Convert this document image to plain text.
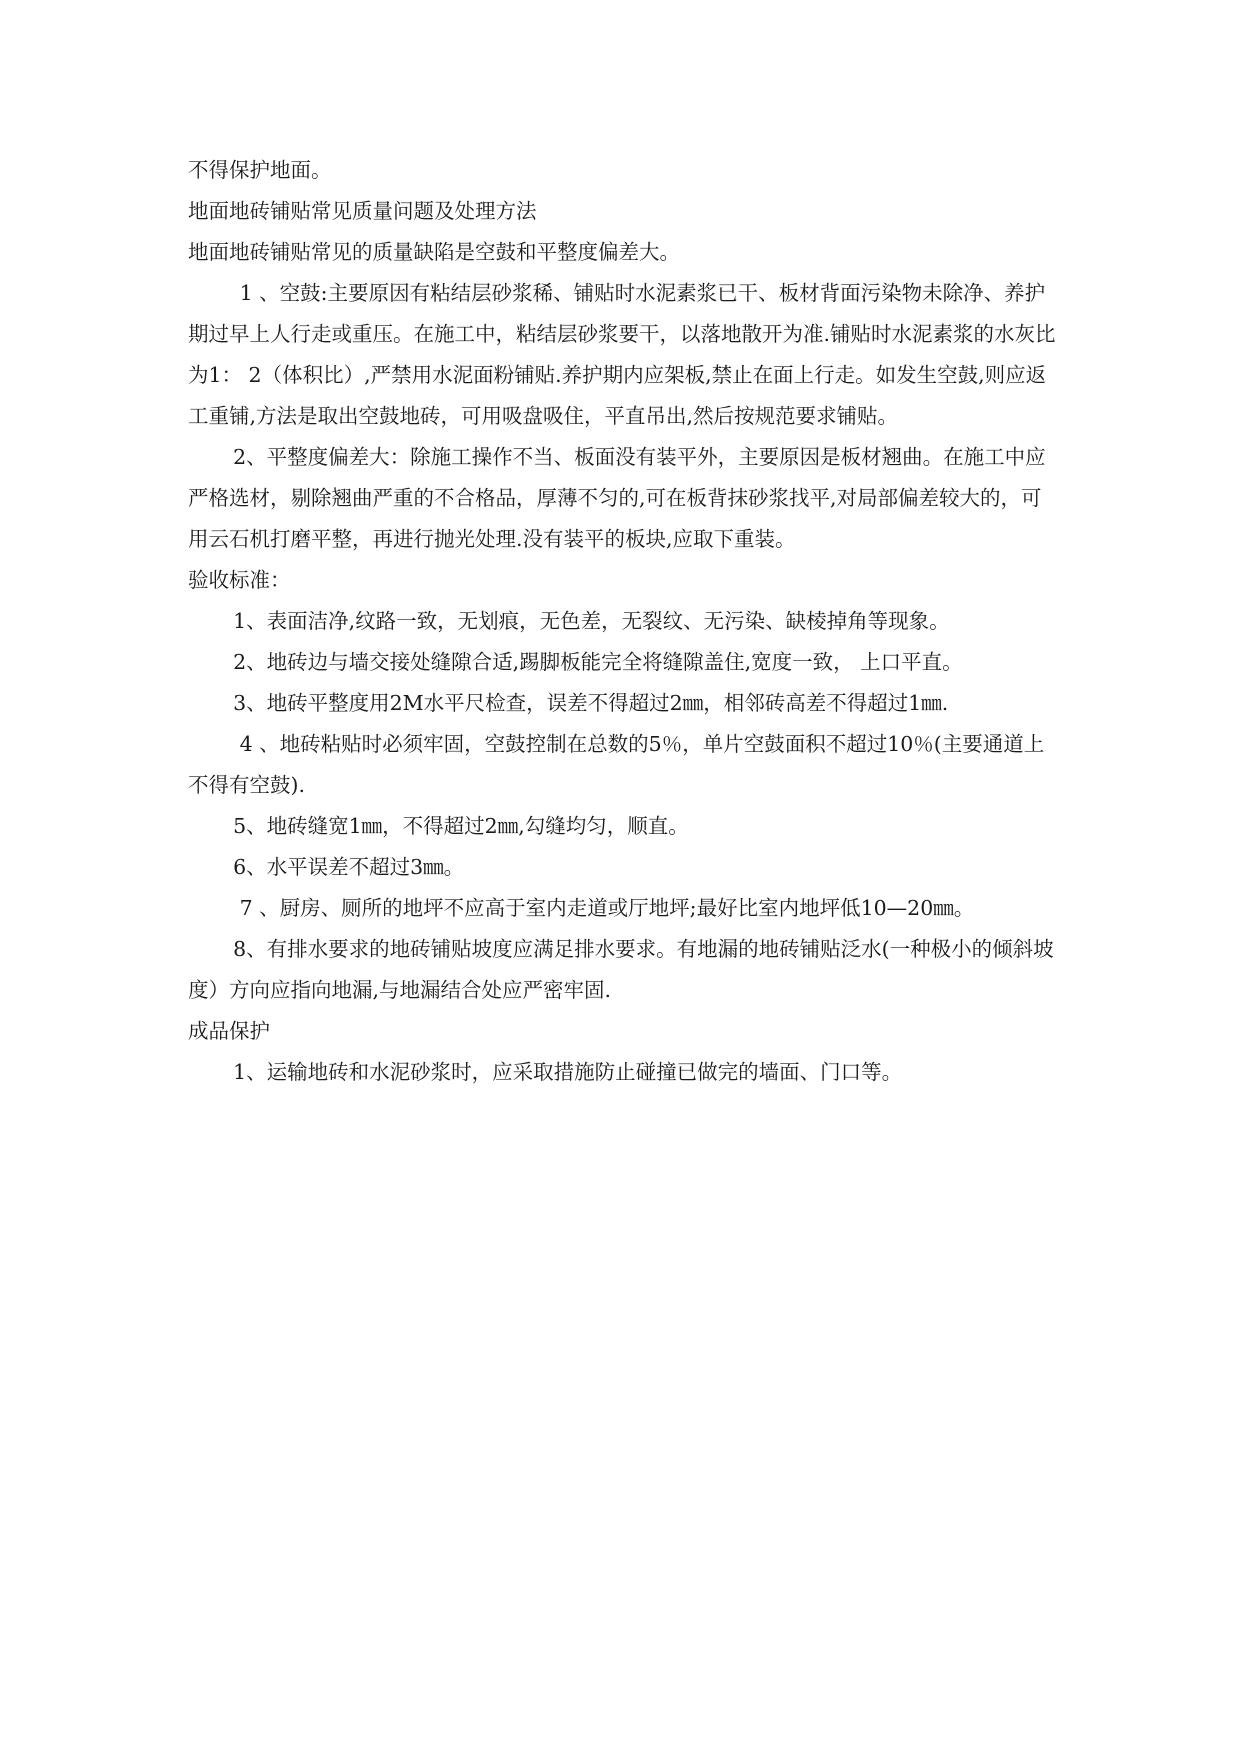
不得保护地面。

地面地砖铺贴常见质量问题及处理方法

地面地砖铺贴常见的质量缺陷是空鼓和平整度偏差大。

1 、空鼓:主要原因有粘结层砂浆稀、铺贴时水泥素浆已干、板材背面污染物未除净、养护期过早上人行走或重压。在施工中，粘结层砂浆要干，以落地散开为准.铺贴时水泥素浆的水灰比为1： 2（体积比）,严禁用水泥面粉铺贴.养护期内应架板,禁止在面上行走。如发生空鼓,则应返工重铺,方法是取出空鼓地砖，可用吸盘吸住，平直吊出,然后按规范要求铺贴。

2、平整度偏差大：除施工操作不当、板面没有装平外，主要原因是板材翘曲。在施工中应严格选材，剔除翘曲严重的不合格品，厚薄不匀的,可在板背抹砂浆找平,对局部偏差较大的，可用云石机打磨平整，再进行抛光处理.没有装平的板块,应取下重装。

验收标准：

1、表面洁净,纹路一致，无划痕，无色差，无裂纹、无污染、缺棱掉角等现象。

2、地砖边与墙交接处缝隙合适,踢脚板能完全将缝隙盖住,宽度一致， 上口平直。

3、地砖平整度用2M水平尺检查，误差不得超过2㎜，相邻砖高差不得超过1㎜.

4 、地砖粘贴时必须牢固，空鼓控制在总数的5％，单片空鼓面积不超过10％(主要通道上不得有空鼓).

5、地砖缝宽1㎜，不得超过2㎜,勾缝均匀，顺直。

6、水平误差不超过3㎜。

7 、厨房、厕所的地坪不应高于室内走道或厅地坪;最好比室内地坪低10—20㎜。

8、有排水要求的地砖铺贴坡度应满足排水要求。有地漏的地砖铺贴泛水(一种极小的倾斜坡度）方向应指向地漏,与地漏结合处应严密牢固.

成品保护

1、运输地砖和水泥砂浆时，应采取措施防止碰撞已做完的墙面、门口等。
